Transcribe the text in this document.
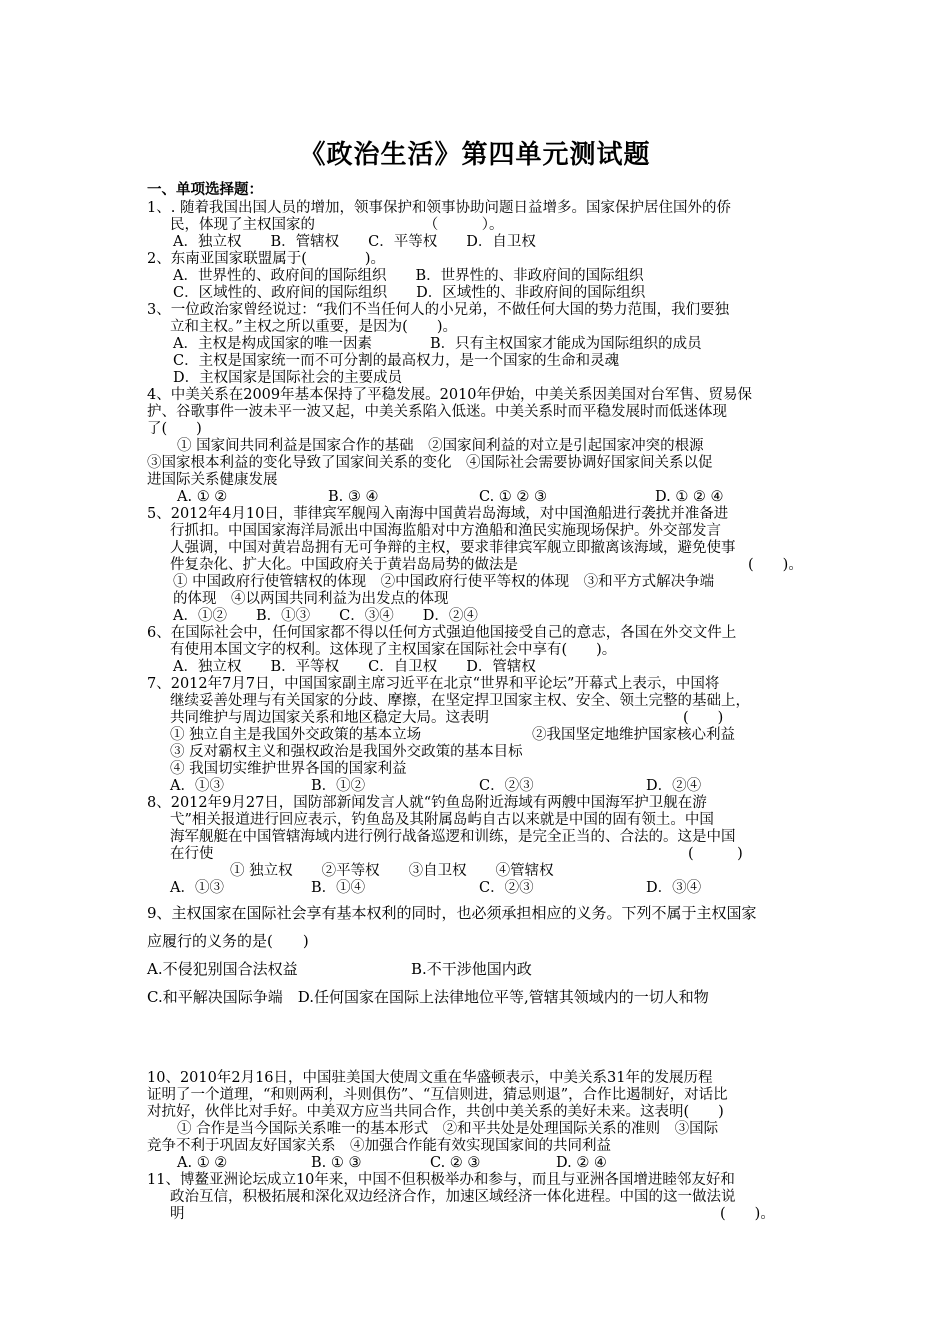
《政治生活》第四单元测试题
一、单项选择题：
1、. 随着我国出国人员的增加，领事保护和领事协助问题日益增多。国家保护居住国外的侨
民，体现了主权国家的　　　　　　　　（　　　）。
A．独立权　　B．管辖权　　C．平等权　　D．自卫权
2、东南亚国家联盟属于(　　　　)。
A．世界性的、政府间的国际组织　　B．世界性的、非政府间的国际组织
C．区域性的、政府间的国际组织　　D．区域性的、非政府间的国际组织
3、一位政治家曾经说过：“我们不当任何人的小兄弟，不做任何大国的势力范围，我们要独
立和主权。”主权之所以重要，是因为(　　)。
A．主权是构成国家的唯一因素　　　　B．只有主权国家才能成为国际组织的成员
C．主权是国家统一而不可分割的最高权力，是一个国家的生命和灵魂
D．主权国家是国际社会的主要成员
4、中美关系在2009年基本保持了平稳发展。2010年伊始，中美关系因美国对台军售、贸易保
护、谷歌事件一波未平一波又起，中美关系陷入低迷。中美关系时而平稳发展时而低迷体现
了(　　)
① 国家间共同利益是国家合作的基础　②国家间利益的对立是引起国家冲突的根源
③国家根本利益的变化导致了国家间关系的变化　④国际社会需要协调好国家间关系以促
进国际关系健康发展
A. ① ②	B. ③ ④	C. ① ② ③	D. ① ② ④
5、2012年4月10日，菲律宾军舰闯入南海中国黄岩岛海域，对中国渔船进行袭扰并准备进
行抓扣。中国国家海洋局派出中国海监船对中方渔船和渔民实施现场保护。外交部发言
人强调，中国对黄岩岛拥有无可争辩的主权，要求菲律宾军舰立即撤离该海域，避免使事
件复杂化、扩大化。中国政府关于黄岩岛局势的做法是	(　　)。
① 中国政府行使管辖权的体现　②中国政府行使平等权的体现　③和平方式解决争端
的体现　④以两国共同利益为出发点的体现
A．①②　　B．①③　　C．③④　　D．②④
6、在国际社会中，任何国家都不得以任何方式强迫他国接受自己的意志，各国在外交文件上
有使用本国文字的权利。这体现了主权国家在国际社会中享有(　　)。
A．独立权　　B．平等权　　C．自卫权　　D．管辖权
7、2012年7月7日，中国国家副主席习近平在北京“世界和平论坛”开幕式上表示，中国将
继续妥善处理与有关国家的分歧、摩擦，在坚定捍卫国家主权、安全、领土完整的基础上，
共同维护与周边国家关系和地区稳定大局。这表明	(　　)
① 独立自主是我国外交政策的基本立场	②我国坚定地维护国家核心利益
③ 反对霸权主义和强权政治是我国外交政策的基本目标
④ 我国切实维护世界各国的国家利益
A．①③	B．①②	C．②③	D．②④
8、2012年9月27日，国防部新闻发言人就“钓鱼岛附近海域有两艘中国海军护卫舰在游
弋”相关报道进行回应表示，钓鱼岛及其附属岛屿自古以来就是中国的固有领土。中国
海军舰艇在中国管辖海域内进行例行战备巡逻和训练，是完全正当的、合法的。这是中国
在行使	(　　　)
① 独立权　　②平等权　　③自卫权　　④管辖权
A．①③	B．①④	C．②③	D．③④
9、主权国家在国际社会享有基本权利的同时，也必须承担相应的义务。下列不属于主权国家
应履行的义务的是(　　)
A.不侵犯别国合法权益	B.不干涉他国内政
C.和平解决国际争端　D.任何国家在国际上法律地位平等,管辖其领域内的一切人和物
10、2010年2月16日，中国驻美国大使周文重在华盛顿表示，中美关系31年的发展历程
证明了一个道理，“和则两利，斗则俱伤”、“互信则进，猜忌则退”，合作比遏制好，对话比
对抗好，伙伴比对手好。中美双方应当共同合作，共创中美关系的美好未来。这表明(　　)
① 合作是当今国际关系唯一的基本形式　②和平共处是处理国际关系的准则　③国际
竞争不利于巩固友好国家关系　④加强合作能有效实现国家间的共同利益
A. ① ②	B. ① ③	C. ② ③	D. ② ④
11、博鳌亚洲论坛成立10年来，中国不但积极举办和参与，而且与亚洲各国增进睦邻友好和
政治互信，积极拓展和深化双边经济合作，加速区域经济一体化进程。中国的这一做法说
明	(　　)。
